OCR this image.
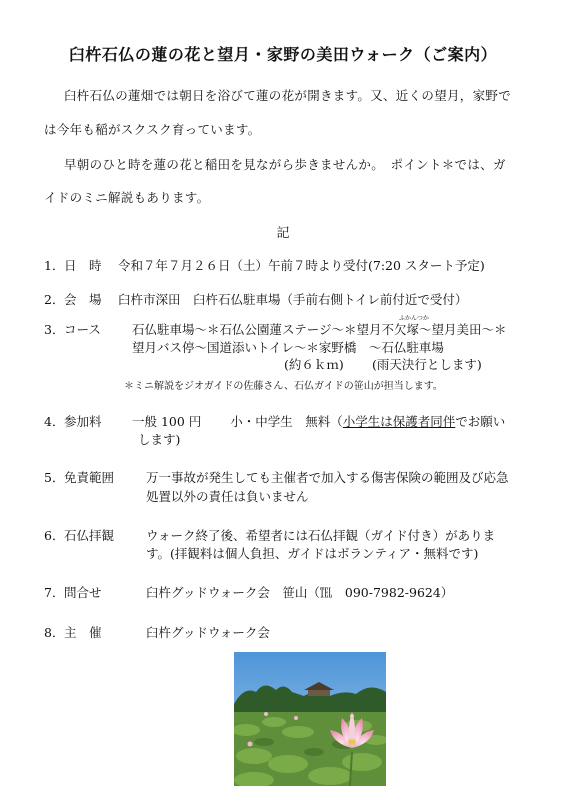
臼杵石仏の蓮の花と望月・家野の美田ウォーク（ご案内）
臼杵石仏の蓮畑では朝日を浴びて蓮の花が開きます。又、近くの望月，家野で
は今年も稲がスクスク育っています。
早朝のひと時を蓮の花と稲田を見ながら歩きませんか。　ポイント＊では、ガ
イドのミニ解説もあります。
記
1．日　時 令和７年７月２６日（土）午前７時より受付(7:20 スタート予定)
2．会　場 臼杵市深田　臼杵石仏駐車場（手前右側トイレ前付近で受付）
3．コース 石仏駐車場～＊石仏公園蓮ステージ～＊望月不欠塚～望月美田～＊
ふかんつか
望月バス停～国道添いトイレ～＊家野橋　～石仏駐車場
(約６ｋｍ) (雨天決行とします)
＊ミニ解説をジオガイドの佐藤さん、石仏ガイドの笹山が担当します。
4．参加料 一般 100 円　　 小・中学生　無料（小学生は保護者同伴でお願い
します)
5．免責範囲	万一事故が発生しても主催者で加入する傷害保険の範囲及び応急
処置以外の責任は負いません
6．石仏拝観	ウォーク終了後、希望者には石仏拝観（ガイド付き）がありま
す。(拝観料は個人負担、ガイドはボランティア・無料です)
7．問合せ	臼杵グッドウォーク会　笹山（℡　090-7982-9624）
8．主　催	臼杵グッドウォーク会
